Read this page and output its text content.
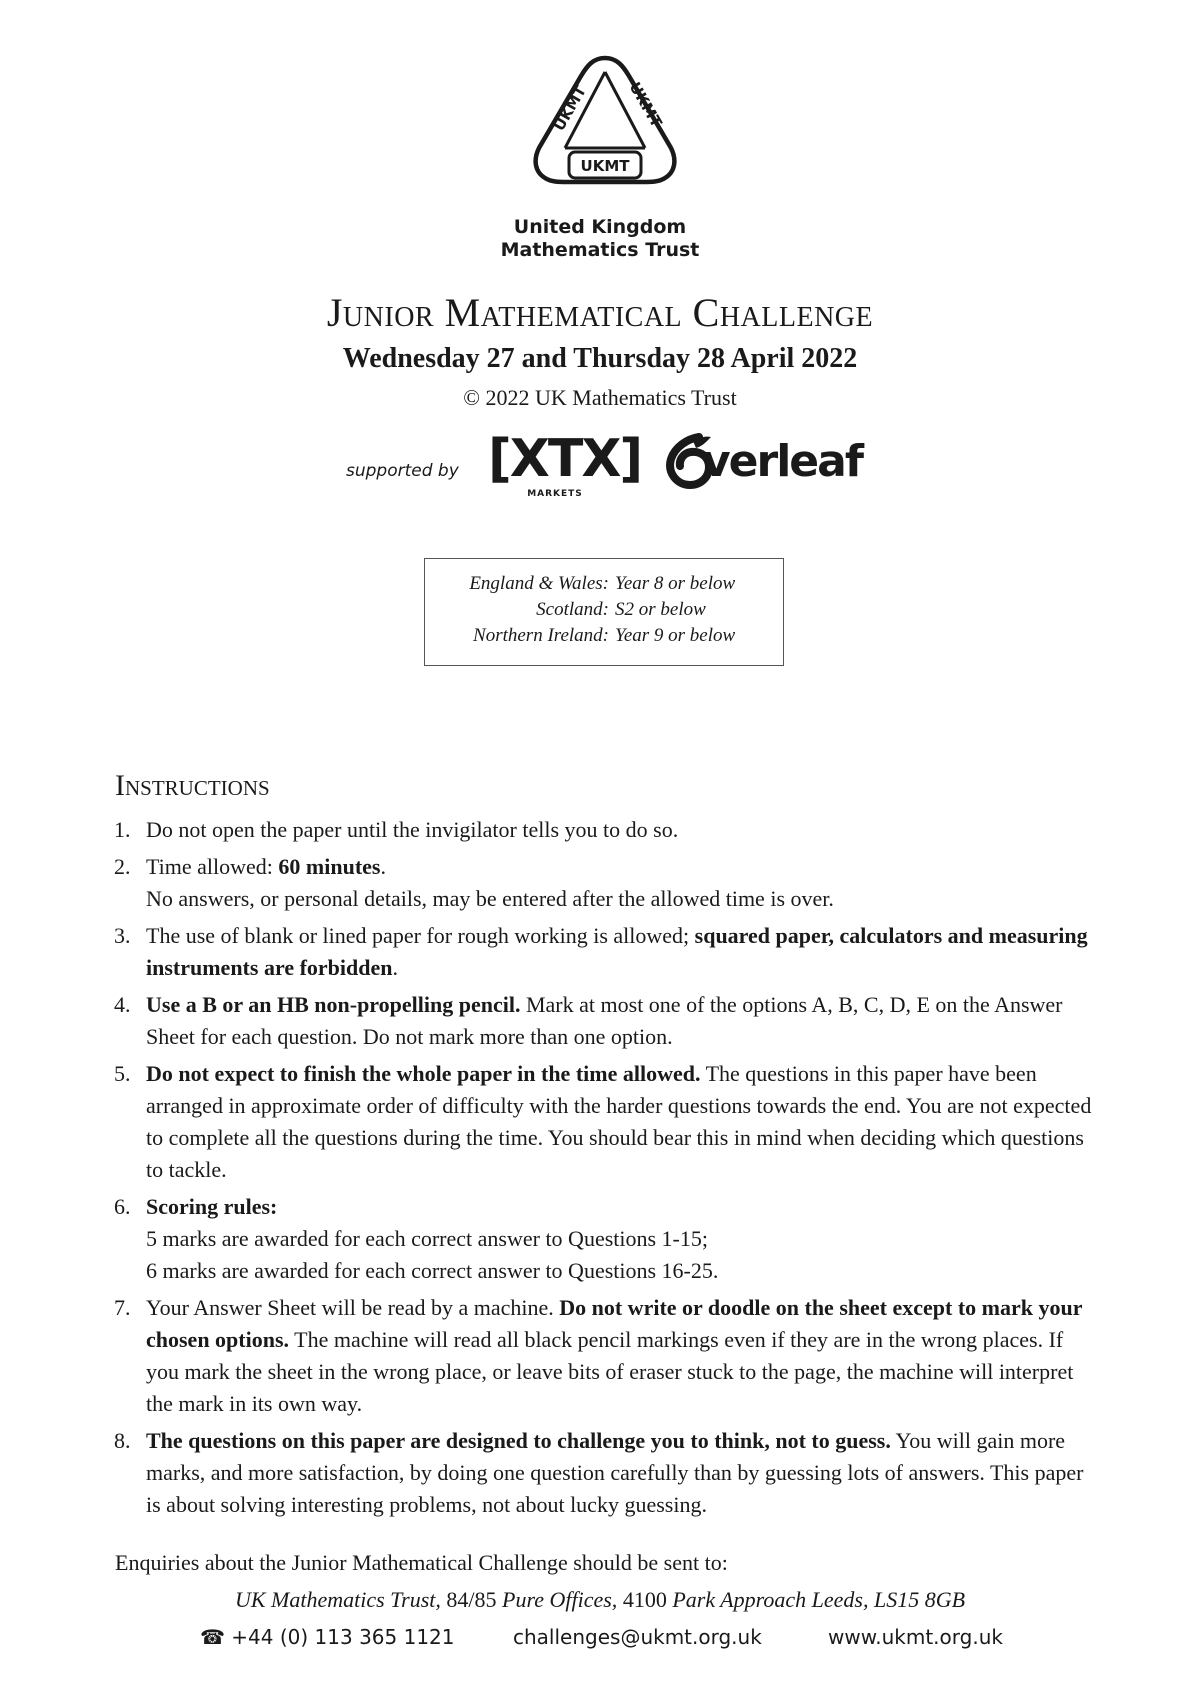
UKMT UKMT
UKMT
United Kingdom
Mathematics Trust
Junior Mathematical Challenge
Wednesday 27 and Thursday 28 April 2022
© 2022 UK Mathematics Trust
supported by [XTX]
MARKETS
verleaf
England & Wales: Year 8 or below
Scotland: S2 or below
Northern Ireland: Year 9 or below
Instructions
1. Do not open the paper until the invigilator tells you to do so.
2. Time allowed: 60 minutes.
No answers, or personal details, may be entered after the allowed time is over.
3. The use of blank or lined paper for rough working is allowed; squared paper, calculators and measuring instruments are forbidden.
4. Use a B or an HB non-propelling pencil. Mark at most one of the options A, B, C, D, E on the Answer Sheet for each question. Do not mark more than one option.
5. Do not expect to finish the whole paper in the time allowed. The questions in this paper have been arranged in approximate order of difficulty with the harder questions towards the end. You are not expected to complete all the questions during the time. You should bear this in mind when deciding which questions to tackle.
6. Scoring rules:
5 marks are awarded for each correct answer to Questions 1-15;
6 marks are awarded for each correct answer to Questions 16-25.
7. Your Answer Sheet will be read by a machine. Do not write or doodle on the sheet except to mark your chosen options. The machine will read all black pencil markings even if they are in the wrong places. If you mark the sheet in the wrong place, or leave bits of eraser stuck to the page, the machine will interpret the mark in its own way.
8. The questions on this paper are designed to challenge you to think, not to guess. You will gain more marks, and more satisfaction, by doing one question carefully than by guessing lots of answers. This paper is about solving interesting problems, not about lucky guessing.
Enquiries about the Junior Mathematical Challenge should be sent to:
UK Mathematics Trust, 84/85 Pure Offices, 4100 Park Approach Leeds, LS15 8GB
☎ +44 (0) 113 365 1121	challenges@ukmt.org.uk	www.ukmt.org.uk
